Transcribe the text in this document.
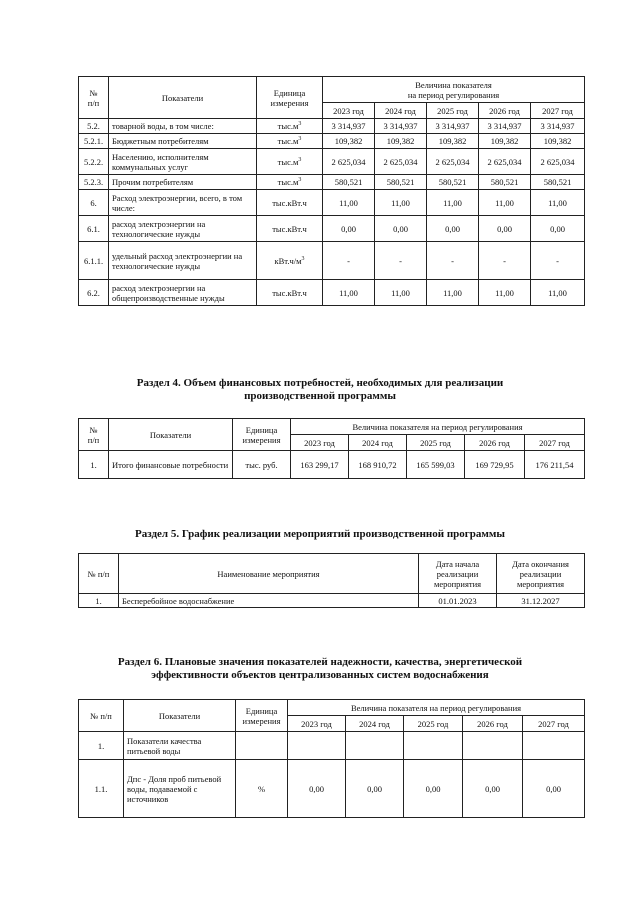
№
п/п	Показатели	Единица
измерения	Величина показателя
на период регулирования				
			2023 год	2024 год	2025 год	2026 год	2027 год
5.2.	товарной воды, в том числе:	$тыс.м^3$	3 314,937	3 314,937	3 314,937	3 314,937	3 314,937
5.2.1.	Бюджетным потребителям	$тыс.м^3$	109,382	109,382	109,382	109,382	109,382
5.2.2.	Населению, исполнителям коммунальных услуг	$тыс.м^3$	2 625,034	2 625,034	2 625,034	2 625,034	2 625,034
5.2.3.	Прочим потребителям	$тыс.м^3$	580,521	580,521	580,521	580,521	580,521
6.	Расход электроэнергии, всего, в том числе:	тыс.кВт.ч	11,00	11,00	11,00	11,00	11,00
6.1.	расход электроэнергии на технологические нужды	тыс.кВт.ч	0,00	0,00	0,00	0,00	0,00
6.1.1.	удельный расход электроэнергии на технологические нужды	$кВт.ч/м^3$	-	-	-	-	-
6.2.	расход электроэнергии на общепроизводственные нужды	тыс.кВт.ч	11,00	11,00	11,00	11,00	11,00
Раздел 4. Объем финансовых потребностей, необходимых для реализации
производственной программы
№
п/п	Показатели	Единица
измерения	Величина показателя на период регулирования				
			2023 год	2024 год	2025 год	2026 год	2027 год
1.	Итого финансовые потребности	тыс. руб.	163 299,17	168 910,72	165 599,03	169 729,95	176 211,54
Раздел 5. График реализации мероприятий производственной программы
№ п/п	Наименование мероприятия	Дата начала
реализации
мероприятия	Дата окончания
реализации
мероприятия
1.	Бесперебойное водоснабжение	01.01.2023	31.12.2027
Раздел 6. Плановые значения показателей надежности, качества, энергетической
эффективности объектов централизованных систем водоснабжения
№ п/п	Показатели	Единица
измерения	Величина показателя на период регулирования				
			2023 год	2024 год	2025 год	2026 год	2027 год
1.	Показатели качества питьевой воды						
1.1.	Дпс - Доля проб питьевой воды, подаваемой с источников	%	0,00	0,00	0,00	0,00	0,00
